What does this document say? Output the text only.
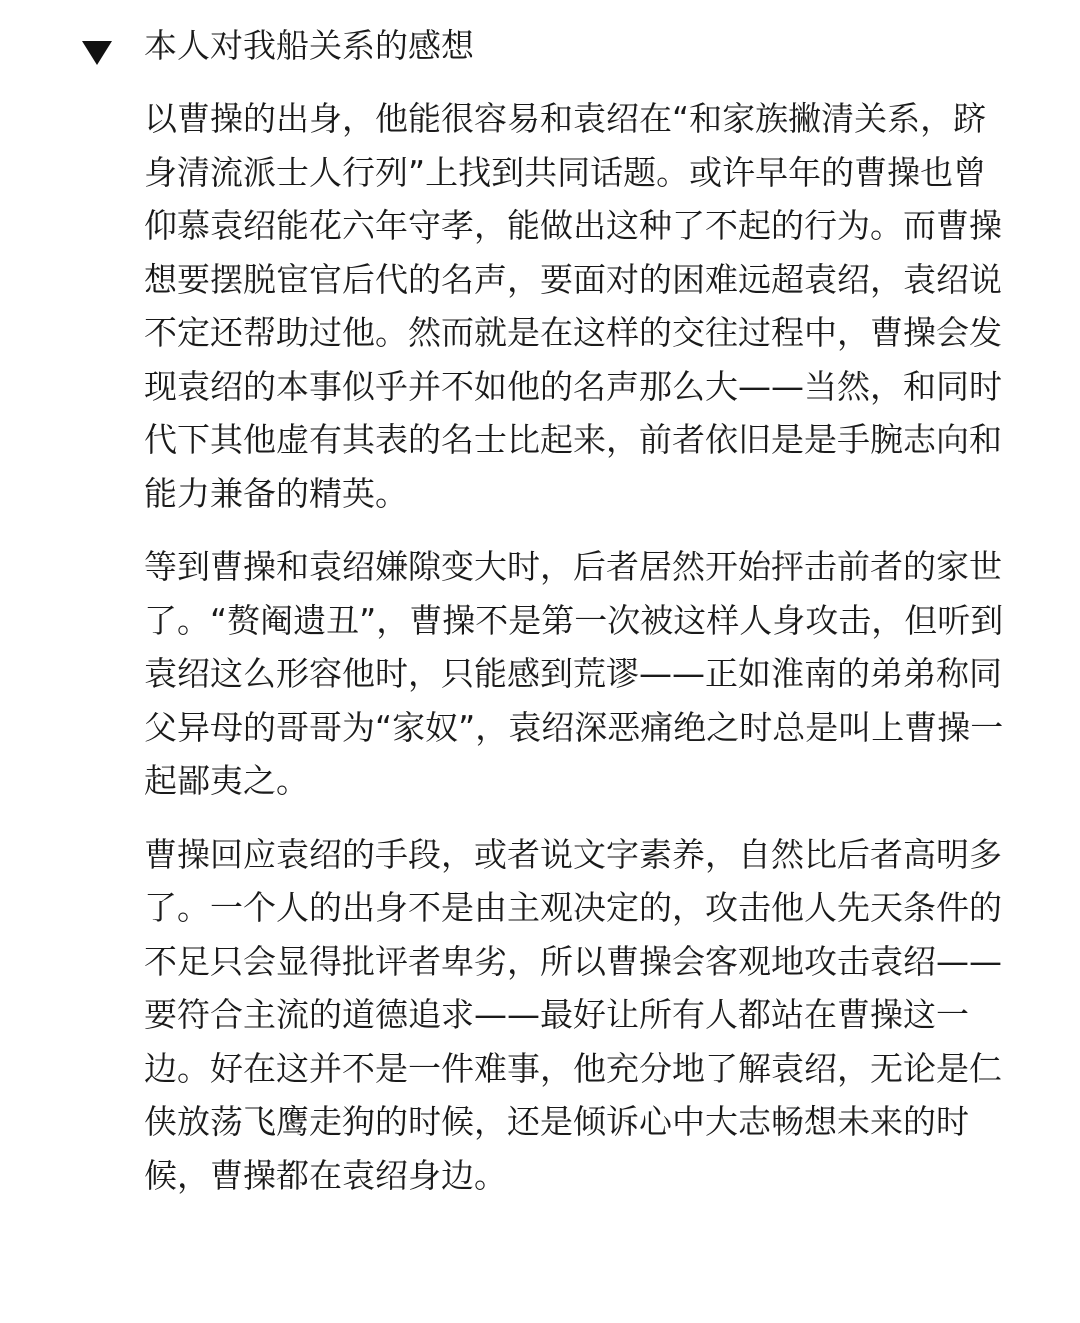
本人对我船关系的感想

以曹操的出身，他能很容易和袁绍在“和家族撇清关系，跻身清流派士人行列”上找到共同话题。或许早年的曹操也曾仰慕袁绍能花六年守孝，能做出这种了不起的行为。而曹操想要摆脱宦官后代的名声，要面对的困难远超袁绍，袁绍说不定还帮助过他。然而就是在这样的交往过程中，曹操会发现袁绍的本事似乎并不如他的名声那么大——当然，和同时代下其他虚有其表的名士比起来，前者依旧是是手腕志向和能力兼备的精英。

等到曹操和袁绍嫌隙变大时，后者居然开始抨击前者的家世了。“赘阉遗丑”，曹操不是第一次被这样人身攻击，但听到袁绍这么形容他时，只能感到荒谬——正如淮南的弟弟称同父异母的哥哥为“家奴”，袁绍深恶痛绝之时总是叫上曹操一起鄙夷之。

曹操回应袁绍的手段，或者说文字素养，自然比后者高明多了。一个人的出身不是由主观决定的，攻击他人先天条件的不足只会显得批评者卑劣，所以曹操会客观地攻击袁绍——要符合主流的道德追求——最好让所有人都站在曹操这一边。好在这并不是一件难事，他充分地了解袁绍，无论是仁侠放荡飞鹰走狗的时候，还是倾诉心中大志畅想未来的时候，曹操都在袁绍身边。
